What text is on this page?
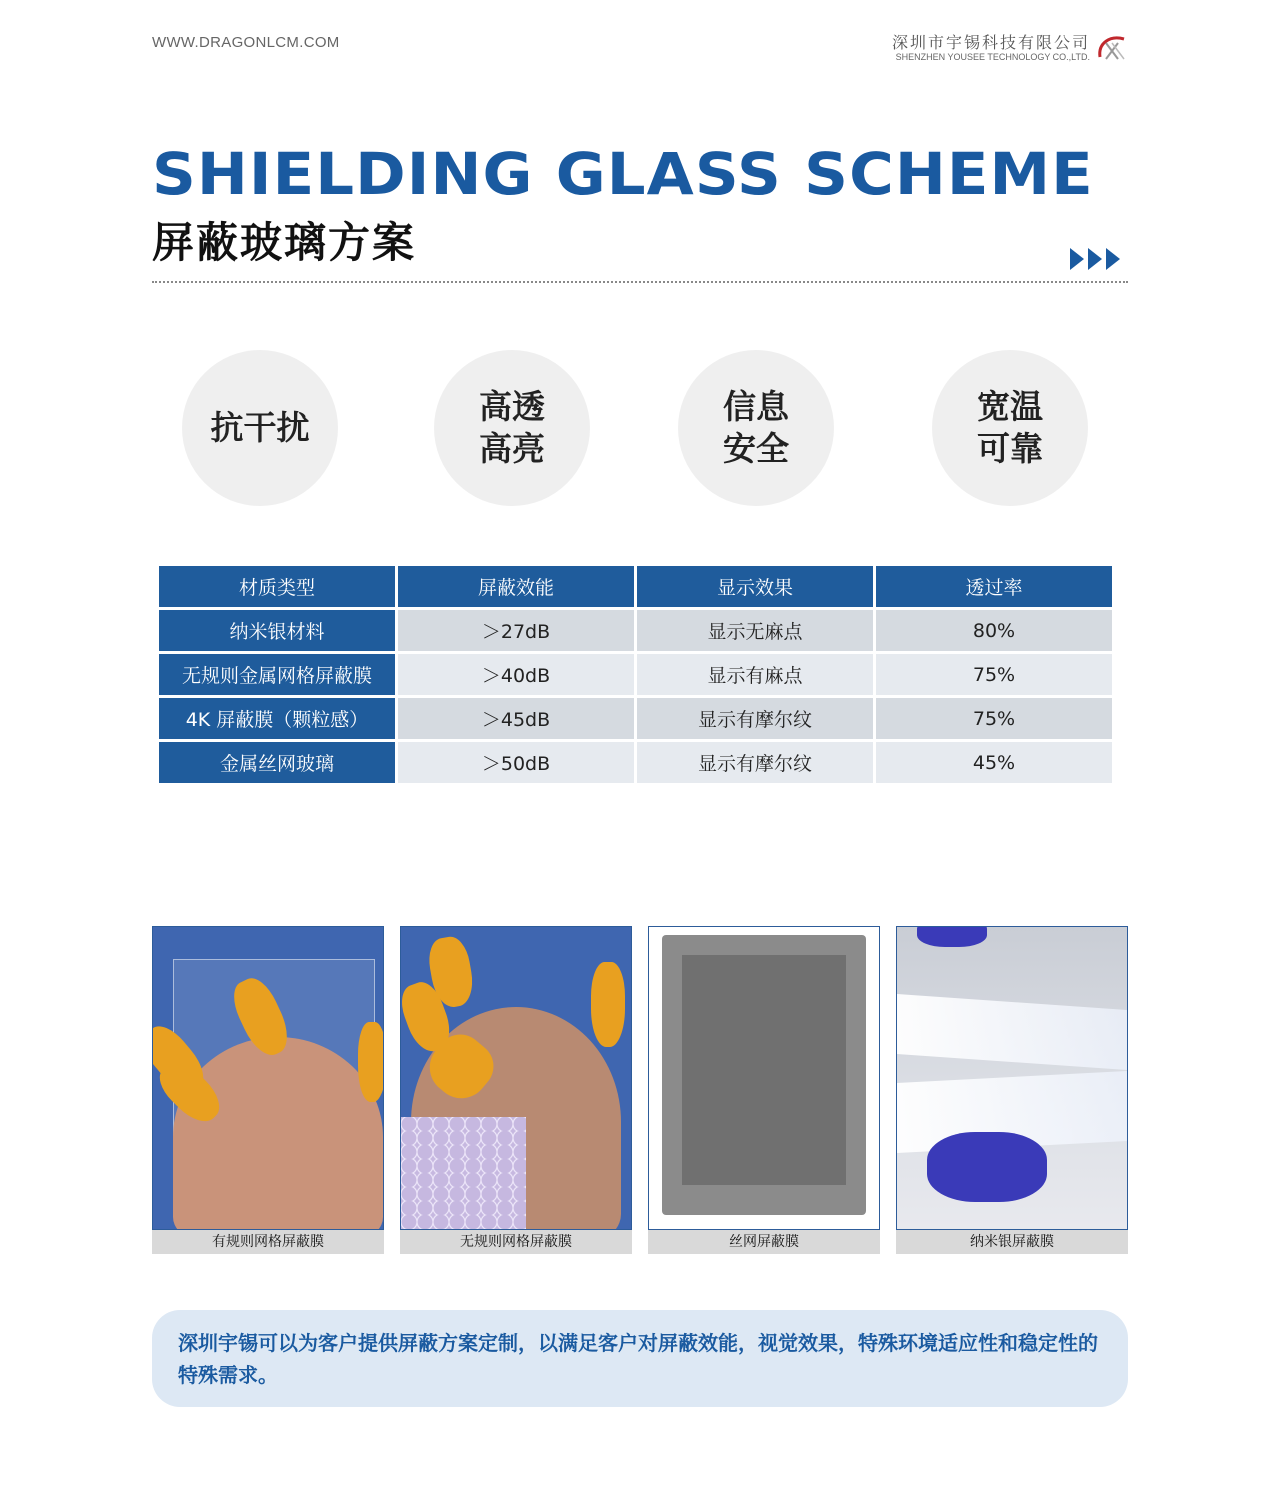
WWW.DRAGONLCM.COM	深圳市宇锡科技有限公司
SHENZHEN YOUSEE TECHNOLOGY CO.,LTD.
SHIELDING GLASS SCHEME
屏蔽玻璃方案
抗干扰
高透
高亮
信息
安全
宽温
可靠
材质类型	屏蔽效能	显示效果	透过率
纳米银材料	＞27dB	显示无麻点	80%
无规则金属网格屏蔽膜	＞40dB	显示有麻点	75%
4K 屏蔽膜（颗粒感）	＞45dB	显示有摩尔纹	75%
金属丝网玻璃	＞50dB	显示有摩尔纹	45%
有规则网格屏蔽膜	无规则网格屏蔽膜	丝网屏蔽膜	纳米银屏蔽膜
深圳宇锡可以为客户提供屏蔽方案定制，以满足客户对屏蔽效能，视觉效果，特殊环境适应性和稳定性的特殊需求。
